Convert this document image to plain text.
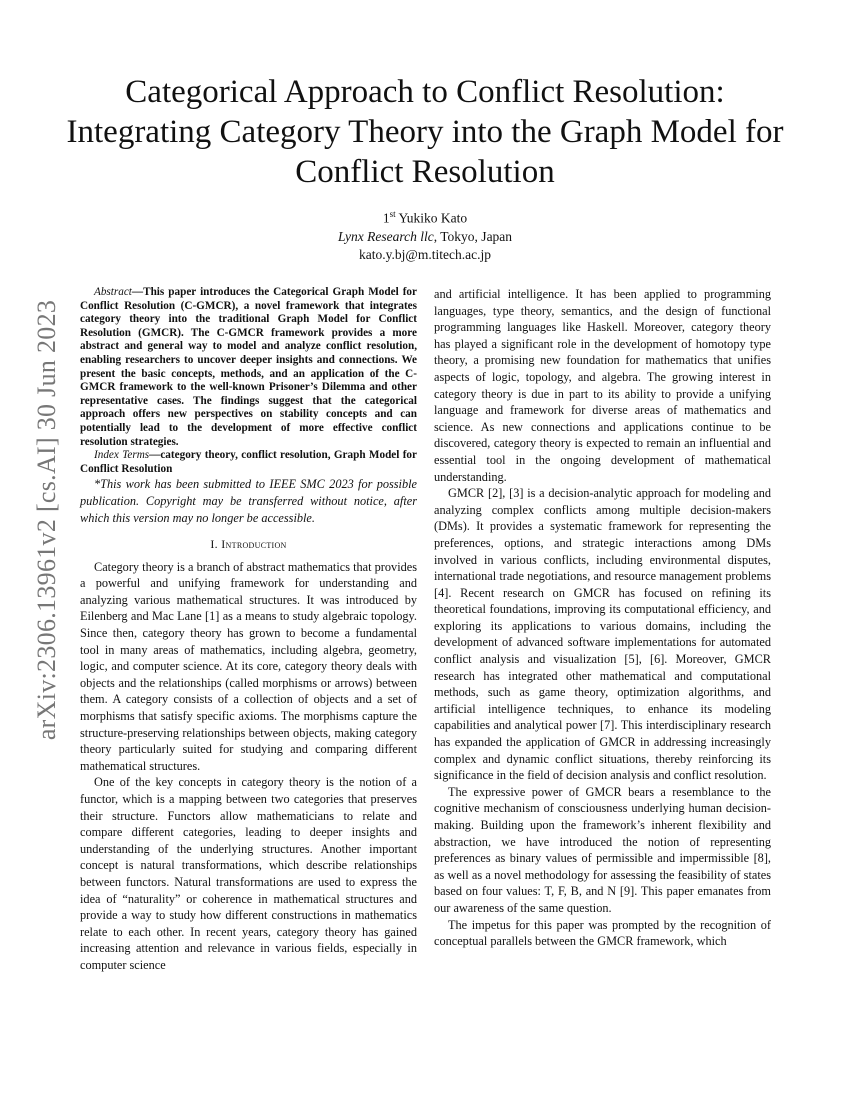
Categorical Approach to Conflict Resolution: Integrating Category Theory into the Graph Model for Conflict Resolution
1st Yukiko Kato
Lynx Research llc, Tokyo, Japan
kato.y.bj@m.titech.ac.jp
arXiv:2306.13961v2 [cs.AI] 30 Jun 2023

Abstract—This paper introduces the Categorical Graph Model for Conflict Resolution (C-GMCR), a novel framework that integrates category theory into the traditional Graph Model for Conflict Resolution (GMCR). The C-GMCR framework provides a more abstract and general way to model and analyze conflict resolution, enabling researchers to uncover deeper insights and connections. We present the basic concepts, methods, and an application of the C-GMCR framework to the well-known Prisoner’s Dilemma and other representative cases. The findings suggest that the categorical approach offers new perspectives on stability concepts and can potentially lead to the development of more effective conflict resolution strategies.

Index Terms—category theory, conflict resolution, Graph Model for Conflict Resolution

*This work has been submitted to IEEE SMC 2023 for possible publication. Copyright may be transferred without notice, after which this version may no longer be accessible.

I. Introduction

Category theory is a branch of abstract mathematics that provides a powerful and unifying framework for understanding and analyzing various mathematical structures. It was introduced by Eilenberg and Mac Lane [1] as a means to study algebraic topology. Since then, category theory has grown to become a fundamental tool in many areas of mathematics, including algebra, geometry, logic, and computer science. At its core, category theory deals with objects and the relationships (called morphisms or arrows) between them. A category consists of a collection of objects and a set of morphisms that satisfy specific axioms. The morphisms capture the structure-preserving relationships between objects, making category theory particularly suited for studying and comparing different mathematical structures.

One of the key concepts in category theory is the notion of a functor, which is a mapping between two categories that preserves their structure. Functors allow mathematicians to relate and compare different categories, leading to deeper insights and understanding of the underlying structures. Another important concept is natural transformations, which describe relationships between functors. Natural transformations are used to express the idea of “naturality” or coherence in mathematical structures and provide a way to study how different constructions in mathematics relate to each other. In recent years, category theory has gained increasing attention and relevance in various fields, especially in computer science

and artificial intelligence. It has been applied to programming languages, type theory, semantics, and the design of functional programming languages like Haskell. Moreover, category theory has played a significant role in the development of homotopy type theory, a promising new foundation for mathematics that unifies aspects of logic, topology, and algebra. The growing interest in category theory is due in part to its ability to provide a unifying language and framework for diverse areas of mathematics and science. As new connections and applications continue to be discovered, category theory is expected to remain an influential and essential tool in the ongoing development of mathematical understanding.

GMCR [2], [3] is a decision-analytic approach for modeling and analyzing complex conflicts among multiple decision-makers (DMs). It provides a systematic framework for representing the preferences, options, and strategic interactions among DMs involved in various conflicts, including environmental disputes, international trade negotiations, and resource management problems [4]. Recent research on GMCR has focused on refining its theoretical foundations, improving its computational efficiency, and exploring its applications to various domains, including the development of advanced software implementations for automated conflict analysis and visualization [5], [6]. Moreover, GMCR research has integrated other mathematical and computational methods, such as game theory, optimization algorithms, and artificial intelligence techniques, to enhance its modeling capabilities and analytical power [7]. This interdisciplinary research has expanded the application of GMCR in addressing increasingly complex and dynamic conflict situations, thereby reinforcing its significance in the field of decision analysis and conflict resolution.

The expressive power of GMCR bears a resemblance to the cognitive mechanism of consciousness underlying human decision-making. Building upon the framework’s inherent flexibility and abstraction, we have introduced the notion of representing preferences as binary values of permissible and impermissible [8], as well as a novel methodology for assessing the feasibility of states based on four values: T, F, B, and N [9]. This paper emanates from our awareness of the same question.

The impetus for this paper was prompted by the recognition of conceptual parallels between the GMCR framework, which
